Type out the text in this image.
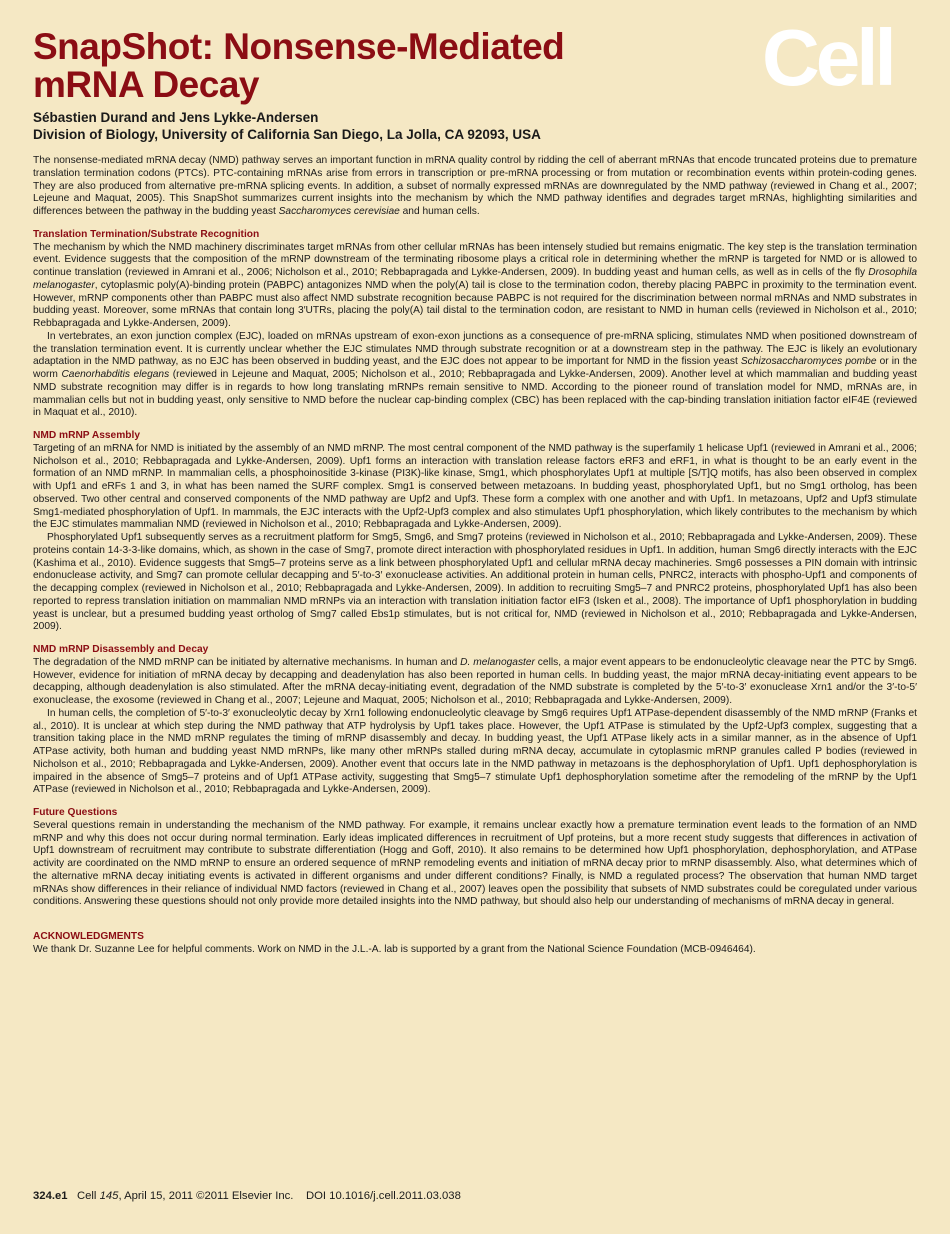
SnapShot: Nonsense-Mediated
mRNA Decay	Cell
Sébastien Durand and Jens Lykke-Andersen
Division of Biology, University of California San Diego, La Jolla, CA 92093, USA

The nonsense-mediated mRNA decay (NMD) pathway serves an important function in mRNA quality control by ridding the cell of aberrant mRNAs that encode truncated proteins due to premature translation termination codons (PTCs). PTC-containing mRNAs arise from errors in transcription or pre-mRNA processing or from mutation or recombination events within protein-coding genes. They are also produced from alternative pre-mRNA splicing events. In addition, a subset of normally expressed mRNAs are downregulated by the NMD pathway (reviewed in Chang et al., 2007; Lejeune and Maquat, 2005). This SnapShot summarizes current insights into the mechanism by which the NMD pathway identifies and degrades target mRNAs, highlighting similarities and differences between the pathway in the budding yeast Saccharomyces cerevisiae and human cells.

Translation Termination/Substrate Recognition

The mechanism by which the NMD machinery discriminates target mRNAs from other cellular mRNAs has been intensely studied but remains enigmatic. The key step is the translation termination event. Evidence suggests that the composition of the mRNP downstream of the terminating ribosome plays a critical role in determining whether the mRNP is targeted for NMD or is allowed to continue translation (reviewed in Amrani et al., 2006; Nicholson et al., 2010; Rebbapragada and Lykke-Andersen, 2009). In budding yeast and human cells, as well as in cells of the fly Drosophila melanogaster, cytoplasmic poly(A)-binding protein (PABPC) antagonizes NMD when the poly(A) tail is close to the termination codon, thereby placing PABPC in proximity to the termination event. However, mRNP components other than PABPC must also affect NMD substrate recognition because PABPC is not required for the discrimination between normal mRNAs and NMD substrates in budding yeast. Moreover, some mRNAs that contain long 3′UTRs, placing the poly(A) tail distal to the termination codon, are resistant to NMD in human cells (reviewed in Nicholson et al., 2010; Rebbapragada and Lykke-Andersen, 2009).

In vertebrates, an exon junction complex (EJC), loaded on mRNAs upstream of exon-exon junctions as a consequence of pre-mRNA splicing, stimulates NMD when positioned downstream of the translation termination event. It is currently unclear whether the EJC stimulates NMD through substrate recognition or at a downstream step in the pathway. The EJC is likely an evolutionary adaptation in the NMD pathway, as no EJC has been observed in budding yeast, and the EJC does not appear to be important for NMD in the fission yeast Schizosaccharomyces pombe or in the worm Caenorhabditis elegans (reviewed in Lejeune and Maquat, 2005; Nicholson et al., 2010; Rebbapragada and Lykke-Andersen, 2009). Another level at which mammalian and budding yeast NMD substrate recognition may differ is in regards to how long translating mRNPs remain sensitive to NMD. According to the pioneer round of translation model for NMD, mRNAs are, in mammalian cells but not in budding yeast, only sensitive to NMD before the nuclear cap-binding complex (CBC) has been replaced with the cap-binding translation initiation factor eIF4E (reviewed in Maquat et al., 2010).

NMD mRNP Assembly

Targeting of an mRNA for NMD is initiated by the assembly of an NMD mRNP. The most central component of the NMD pathway is the superfamily 1 helicase Upf1 (reviewed in Amrani et al., 2006; Nicholson et al., 2010; Rebbapragada and Lykke-Andersen, 2009). Upf1 forms an interaction with translation release factors eRF3 and eRF1, in what is thought to be an early event in the formation of an NMD mRNP. In mammalian cells, a phosphoinositide 3-kinase (PI3K)-like kinase, Smg1, which phosphorylates Upf1 at multiple [S/T]Q motifs, has also been observed in complex with Upf1 and eRFs 1 and 3, in what has been named the SURF complex. Smg1 is conserved between metazoans. In budding yeast, phosphorylated Upf1, but no Smg1 ortholog, has been observed. Two other central and conserved components of the NMD pathway are Upf2 and Upf3. These form a complex with one another and with Upf1. In metazoans, Upf2 and Upf3 stimulate Smg1-mediated phosphorylation of Upf1. In mammals, the EJC interacts with the Upf2-Upf3 complex and also stimulates Upf1 phosphorylation, which likely contributes to the mechanism by which the EJC stimulates mammalian NMD (reviewed in Nicholson et al., 2010; Rebbapragada and Lykke-Andersen, 2009).

Phosphorylated Upf1 subsequently serves as a recruitment platform for Smg5, Smg6, and Smg7 proteins (reviewed in Nicholson et al., 2010; Rebbapragada and Lykke-Andersen, 2009). These proteins contain 14-3-3-like domains, which, as shown in the case of Smg7, promote direct interaction with phosphorylated residues in Upf1. In addition, human Smg6 directly interacts with the EJC (Kashima et al., 2010). Evidence suggests that Smg5–7 proteins serve as a link between phosphorylated Upf1 and cellular mRNA decay machineries. Smg6 possesses a PIN domain with intrinsic endonuclease activity, and Smg7 can promote cellular decapping and 5′-to-3′ exonuclease activities. An additional protein in human cells, PNRC2, interacts with phospho-Upf1 and components of the decapping complex (reviewed in Nicholson et al., 2010; Rebbapragada and Lykke-Andersen, 2009). In addition to recruiting Smg5–7 and PNRC2 proteins, phosphorylated Upf1 has also been reported to repress translation initiation on mammalian NMD mRNPs via an interaction with translation initiation factor eIF3 (Isken et al., 2008). The importance of Upf1 phosphorylation in budding yeast is unclear, but a presumed budding yeast ortholog of Smg7 called Ebs1p stimulates, but is not critical for, NMD (reviewed in Nicholson et al., 2010; Rebbapragada and Lykke-Andersen, 2009).

NMD mRNP Disassembly and Decay

The degradation of the NMD mRNP can be initiated by alternative mechanisms. In human and D. melanogaster cells, a major event appears to be endonucleolytic cleavage near the PTC by Smg6. However, evidence for initiation of mRNA decay by decapping and deadenylation has also been reported in human cells. In budding yeast, the major mRNA decay-initiating event appears to be decapping, although deadenylation is also stimulated. After the mRNA decay-initiating event, degradation of the NMD substrate is completed by the 5′-to-3′ exonuclease Xrn1 and/or the 3′-to-5′ exonuclease, the exosome (reviewed in Chang et al., 2007; Lejeune and Maquat, 2005; Nicholson et al., 2010; Rebbapragada and Lykke-Andersen, 2009).

In human cells, the completion of 5′-to-3′ exonucleolytic decay by Xrn1 following endonucleolytic cleavage by Smg6 requires Upf1 ATPase-dependent disassembly of the NMD mRNP (Franks et al., 2010). It is unclear at which step during the NMD pathway that ATP hydrolysis by Upf1 takes place. However, the Upf1 ATPase is stimulated by the Upf2-Upf3 complex, suggesting that a transition taking place in the NMD mRNP regulates the timing of mRNP disassembly and decay. In budding yeast, the Upf1 ATPase likely acts in a similar manner, as in the absence of Upf1 ATPase activity, both human and budding yeast NMD mRNPs, like many other mRNPs stalled during mRNA decay, accumulate in cytoplasmic mRNP granules called P bodies (reviewed in Nicholson et al., 2010; Rebbapragada and Lykke-Andersen, 2009). Another event that occurs late in the NMD pathway in metazoans is the dephosphorylation of Upf1. Upf1 dephosphorylation is impaired in the absence of Smg5–7 proteins and of Upf1 ATPase activity, suggesting that Smg5–7 stimulate Upf1 dephosphorylation sometime after the remodeling of the mRNP by the Upf1 ATPase (reviewed in Nicholson et al., 2010; Rebbapragada and Lykke-Andersen, 2009).

Future Questions

Several questions remain in understanding the mechanism of the NMD pathway. For example, it remains unclear exactly how a premature termination event leads to the formation of an NMD mRNP and why this does not occur during normal termination. Early ideas implicated differences in recruitment of Upf proteins, but a more recent study suggests that differences in activation of Upf1 downstream of recruitment may contribute to substrate differentiation (Hogg and Goff, 2010). It also remains to be determined how Upf1 phosphorylation, dephosphorylation, and ATPase activity are coordinated on the NMD mRNP to ensure an ordered sequence of mRNP remodeling events and initiation of mRNA decay prior to mRNP disassembly. Also, what determines which of the alternative mRNA decay initiating events is activated in different organisms and under different conditions? Finally, is NMD a regulated process? The observation that human NMD target mRNAs show differences in their reliance of individual NMD factors (reviewed in Chang et al., 2007) leaves open the possibility that subsets of NMD substrates could be coregulated under various conditions. Answering these questions should not only provide more detailed insights into the NMD pathway, but should also help our understanding of mechanisms of mRNA decay in general.

ACKNOWLEDGMENTS

We thank Dr. Suzanne Lee for helpful comments. Work on NMD in the J.L.-A. lab is supported by a grant from the National Science Foundation (MCB-0946464).

324.e1 Cell 145, April 15, 2011 ©2011 Elsevier Inc.    DOI 10.1016/j.cell.2011.03.038
